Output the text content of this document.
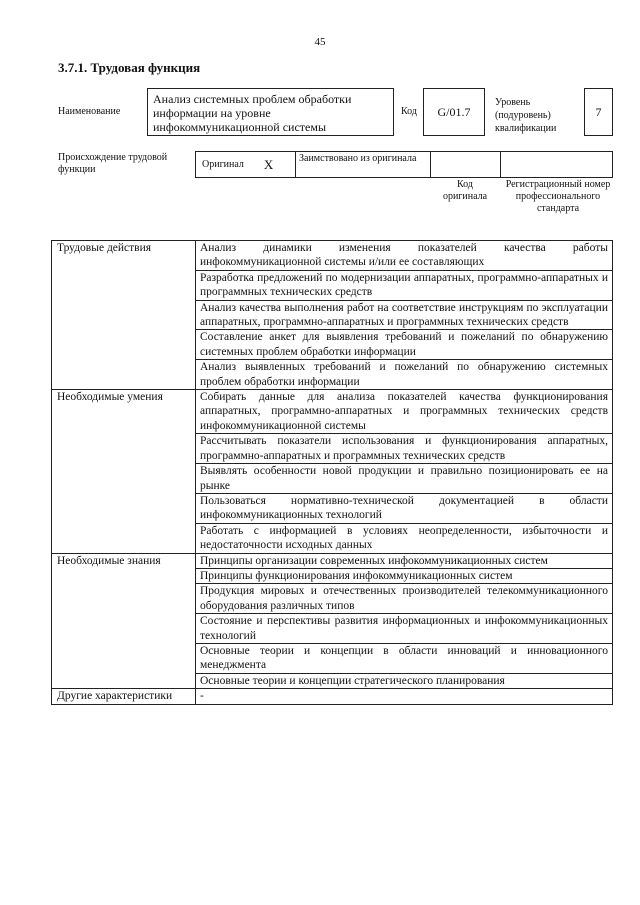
45
3.7.1. Трудовая функция
Наименование
Анализ системных проблем обработки информации на уровне инфокоммуникационной системы
Код	G/01.7
Уровень (подуровень) квалификации
7
Происхождение трудовой функции	Оригинал X	Заимствовано из оригинала
Код оригинала
Регистрационный номер профессионального стандарта
Трудовые действия	Анализ динамики изменения показателей качества работы инфокоммуникационной системы и/или ее составляющих
	Разработка предложений по модернизации аппаратных, программно-аппаратных и программных технических средств
	Анализ качества выполнения работ на соответствие инструкциям по эксплуатации аппаратных, программно-аппаратных и программных технических средств
	Составление анкет для выявления требований и пожеланий по обнаружению системных проблем обработки информации
	Анализ выявленных требований и пожеланий по обнаружению системных проблем обработки информации
Необходимые умения	Собирать данные для анализа показателей качества функционирования аппаратных, программно-аппаратных и программных технических средств инфокоммуникационной системы
	Рассчитывать показатели использования и функционирования аппаратных, программно-аппаратных и программных технических средств
	Выявлять особенности новой продукции и правильно позиционировать ее на рынке
	Пользоваться нормативно-технической документацией в области инфокоммуникационных технологий
	Работать с информацией в условиях неопределенности, избыточности и недостаточности исходных данных
Необходимые знания	Принципы организации современных инфокоммуникационных систем
	Принципы функционирования инфокоммуникационных систем
	Продукция мировых и отечественных производителей телекоммуникационного оборудования различных типов
	Состояние и перспективы развития информационных и инфокоммуникационных технологий
	Основные теории и концепции в области инноваций и инновационного менеджмента
	Основные теории и концепции стратегического планирования
Другие характеристики	-
